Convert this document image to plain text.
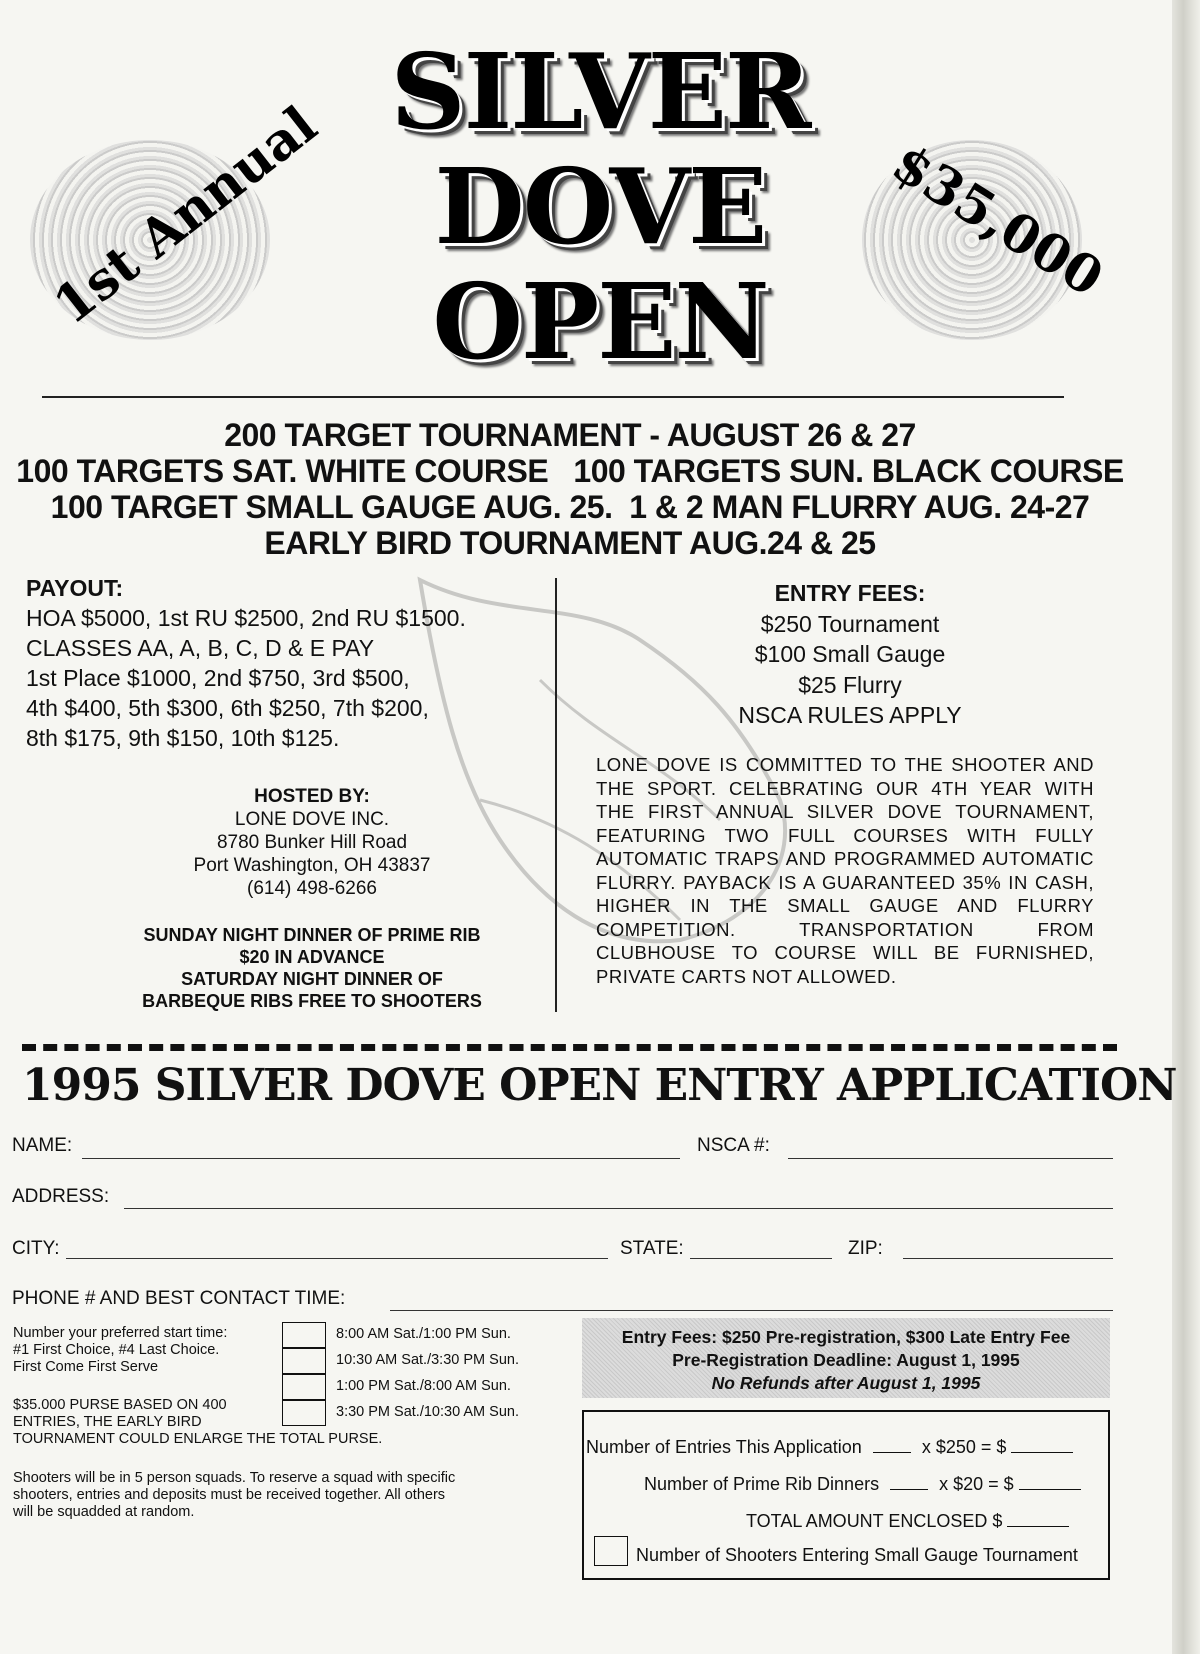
1st Annual	$35,000
SILVER
DOVE
OPEN
200 TARGET TOURNAMENT - AUGUST 26 & 27
100 TARGETS SAT. WHITE COURSE   100 TARGETS SUN. BLACK COURSE
100 TARGET SMALL GAUGE AUG. 25.  1 & 2 MAN FLURRY AUG. 24-27
EARLY BIRD TOURNAMENT AUG.24 & 25
PAYOUT:
HOA $5000, 1st RU $2500, 2nd RU $1500.
CLASSES AA, A, B, C, D & E PAY
1st Place $1000, 2nd $750, 3rd $500,
4th $400, 5th $300, 6th $250, 7th $200,
8th $175, 9th $150, 10th $125.
HOSTED BY:
LONE DOVE INC.
8780 Bunker Hill Road
Port Washington, OH 43837
(614) 498-6266
SUNDAY NIGHT DINNER OF PRIME RIB
$20 IN ADVANCE
SATURDAY NIGHT DINNER OF
BARBEQUE RIBS FREE TO SHOOTERS
ENTRY FEES:
$250 Tournament
$100 Small Gauge
$25 Flurry
NSCA RULES APPLY
LONE DOVE IS COMMITTED TO THE SHOOTER AND THE SPORT. CELEBRATING OUR 4TH YEAR WITH THE FIRST ANNUAL SILVER DOVE TOURNAMENT, FEATURING TWO FULL COURSES WITH FULLY AUTOMATIC TRAPS AND PROGRAMMED AUTOMATIC FLURRY. PAYBACK IS A GUARANTEED 35% IN CASH, HIGHER IN THE SMALL GAUGE AND FLURRY COMPETITION. TRANSPORTATION FROM CLUBHOUSE TO COURSE WILL BE FURNISHED, PRIVATE CARTS NOT ALLOWED.
1995 SILVER DOVE OPEN ENTRY APPLICATION
NAME:	NSCA #:
ADDRESS:
CITY:	STATE:	ZIP:
PHONE # AND BEST CONTACT TIME:
Number your preferred start time:
#1 First Choice, #4 Last Choice.
First Come First Serve
8:00 AM Sat./1:00 PM Sun.
10:30 AM Sat./3:30 PM Sun.
1:00 PM Sat./8:00 AM Sun.
3:30 PM Sat./10:30 AM Sun.
$35.000 PURSE BASED ON 400
ENTRIES, THE EARLY BIRD
TOURNAMENT COULD ENLARGE THE TOTAL PURSE.
Shooters will be in 5 person squads. To reserve a squad with specific
shooters, entries and deposits must be received together. All others
will be squadded at random.
Entry Fees: $250 Pre-registration, $300 Late Entry Fee
Pre-Registration Deadline: August 1, 1995
No Refunds after August 1, 1995
Number of Entries This Application	x $250 = $
Number of Prime Rib Dinners	x $20 = $
TOTAL AMOUNT ENCLOSED $
Number of Shooters Entering Small Gauge Tournament
